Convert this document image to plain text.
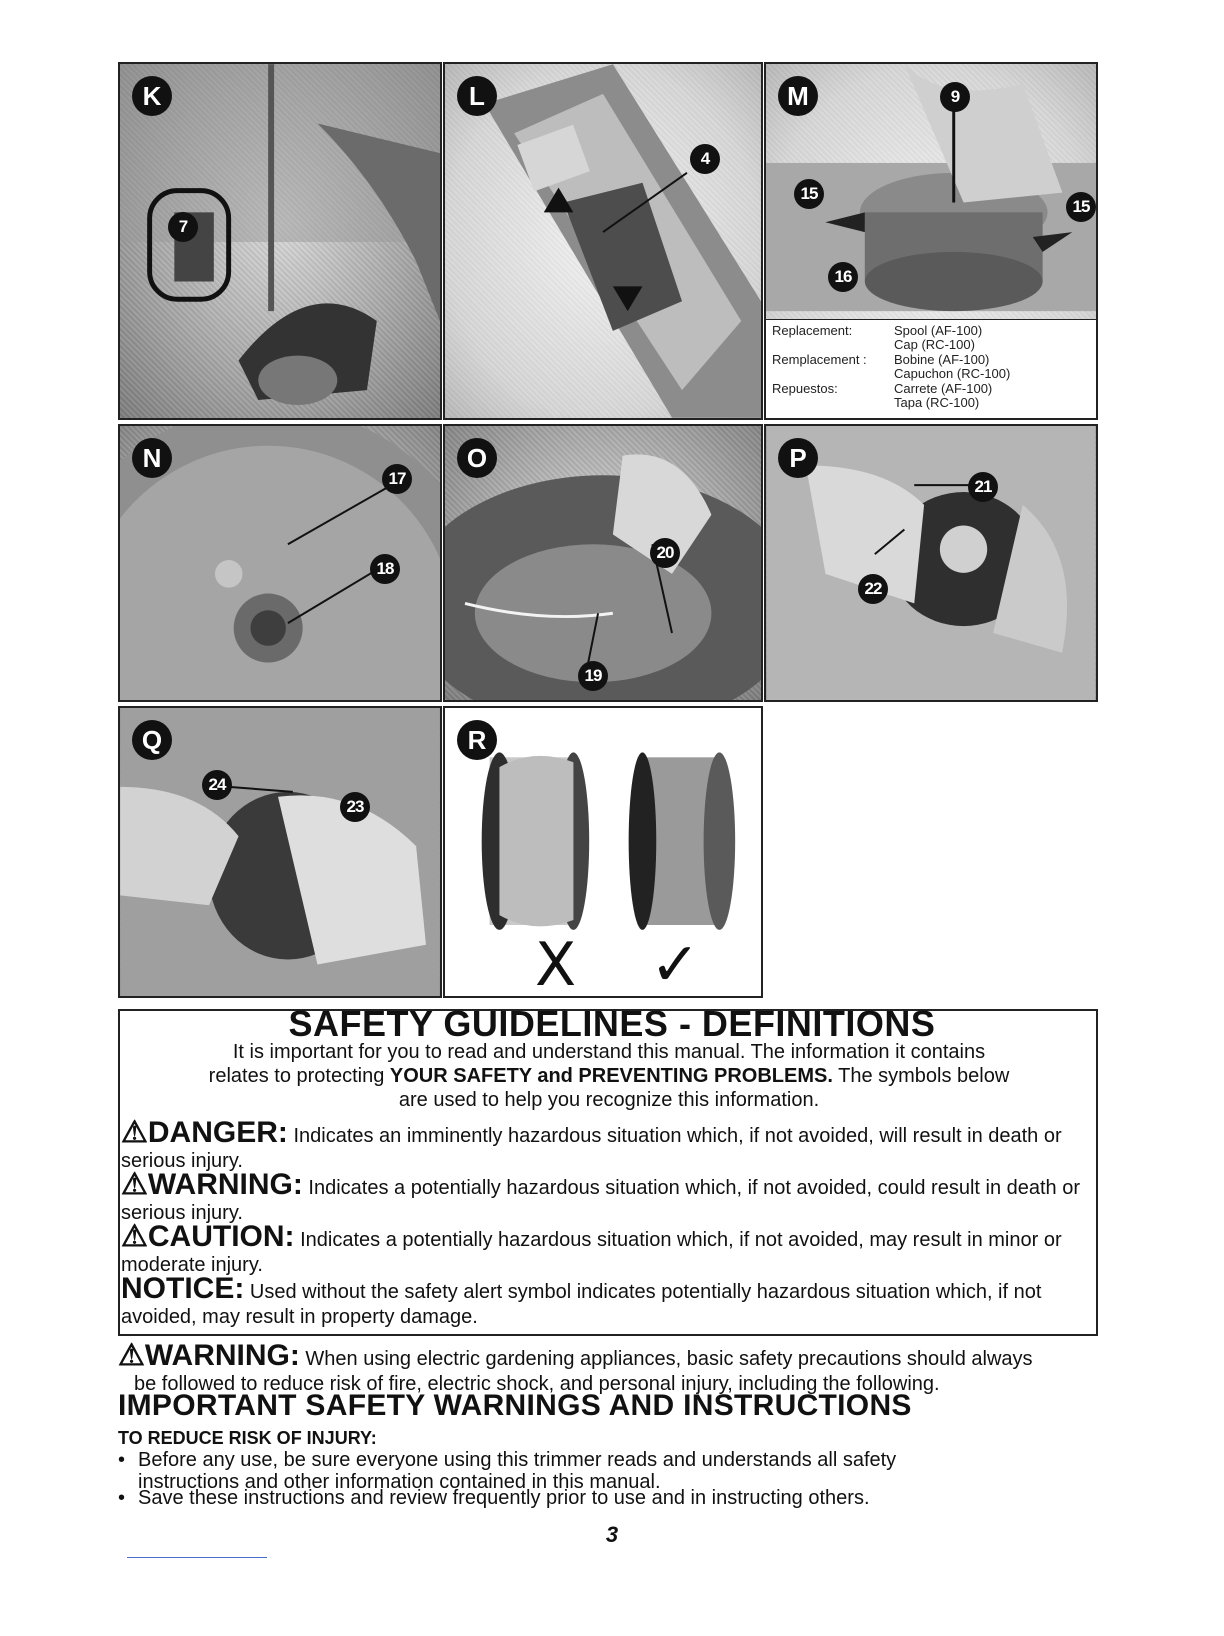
K
7
L
4
M	9
15
15
16
Replacement:	Spool (AF-100)
Cap (RC-100)
Remplacement : Bobine (AF-100)
Capuchon (RC-100)
Repuestos:	Carrete (AF-100)
Tapa (RC-100)
N
17
18
O
20
19
P
21
22
Q
24
23
R
X ✓
SAFETY GUIDELINES - DEFINITIONS
It is important for you to read and understand this manual. The information it contains
relates to protecting YOUR SAFETY and PREVENTING PROBLEMS. The symbols below
are used to help you recognize this information.
⚠DANGER: Indicates an imminently hazardous situation which, if not avoided, will result in death or serious injury.
⚠WARNING: Indicates a potentially hazardous situation which, if not avoided, could result in death or serious injury.
⚠CAUTION: Indicates a potentially hazardous situation which, if not avoided, may result in minor or moderate injury.
NOTICE: Used without the safety alert symbol indicates potentially hazardous situation which, if not avoided, may result in property damage.
⚠WARNING: When using electric gardening appliances, basic safety precautions should always
be followed to reduce risk of fire, electric shock, and personal injury, including the following.
IMPORTANT SAFETY WARNINGS AND INSTRUCTIONS
TO REDUCE RISK OF INJURY:
• Before any use, be sure everyone using this trimmer reads and understands all safety
instructions and other information contained in this manual.
• Save these instructions and review frequently prior to use and in instructing others.
3
